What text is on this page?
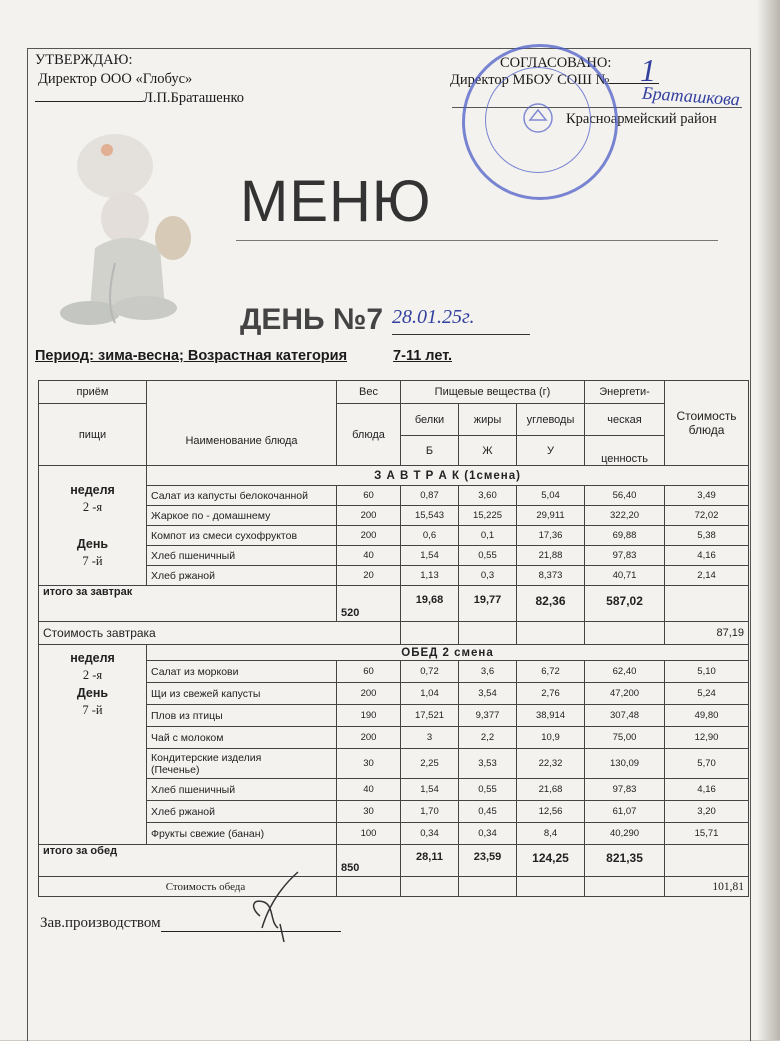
УТВЕРЖДАЮ:
Директор ООО «Глобус»
Л.П.Браташенко
СОГЛАСОВАНО:
Директор МБОУ СОШ № 1
Браташкова
Красноармейский район
МЕНЮ
ДЕНЬ №7 28.01.25г.
Период: зима-весна; Возрастная категория	7-11 лет.
приём	Наименование блюда	Вес	Пищевые вещества (г)			Энергети-	Стоимость блюда
пищи		блюда	белки	жиры	углеводы	ческая	
			Б	Ж	У	ценность	

неделя
2 -я
День
7 -й	З А В Т Р А К (1смена)						
	Салат из капусты белокочанной	60	0,87	3,60	5,04	56,40	3,49
	Жаркое по - домашнему	200	15,543	15,225	29,911	322,20	72,02
	Компот из смеси сухофруктов	200	0,6	0,1	17,36	69,88	5,38
	Хлеб пшеничный	40	1,54	0,55	21,88	97,83	4,16
	Хлеб ржаной	20	1,13	0,3	8,373	40,71	2,14
итого за завтрак		520	19,68	19,77	82,36	587,02	
Стоимость завтрака							87,19

неделя
2 -я
День
7 -й	ОБЕД 2 смена						
	Салат из моркови	60	0,72	3,6	6,72	62,40	5,10
	Щи из свежей капусты	200	1,04	3,54	2,76	47,200	5,24
	Плов из птицы	190	17,521	9,377	38,914	307,48	49,80
	Чай с молоком	200	3	2,2	10,9	75,00	12,90

	Кондитерские изделия
(Печенье)	30	2,25	3,53	22,32	130,09	5,70
	Хлеб пшеничный	40	1,54	0,55	21,68	97,83	4,16
	Хлеб ржаной	30	1,70	0,45	12,56	61,07	3,20
	Фрукты свежие (банан)	100	0,34	0,34	8,4	40,290	15,71
итого за обед		850	28,11	23,59	124,25	821,35	
Стоимость обеда							101,81
Зав.производством
